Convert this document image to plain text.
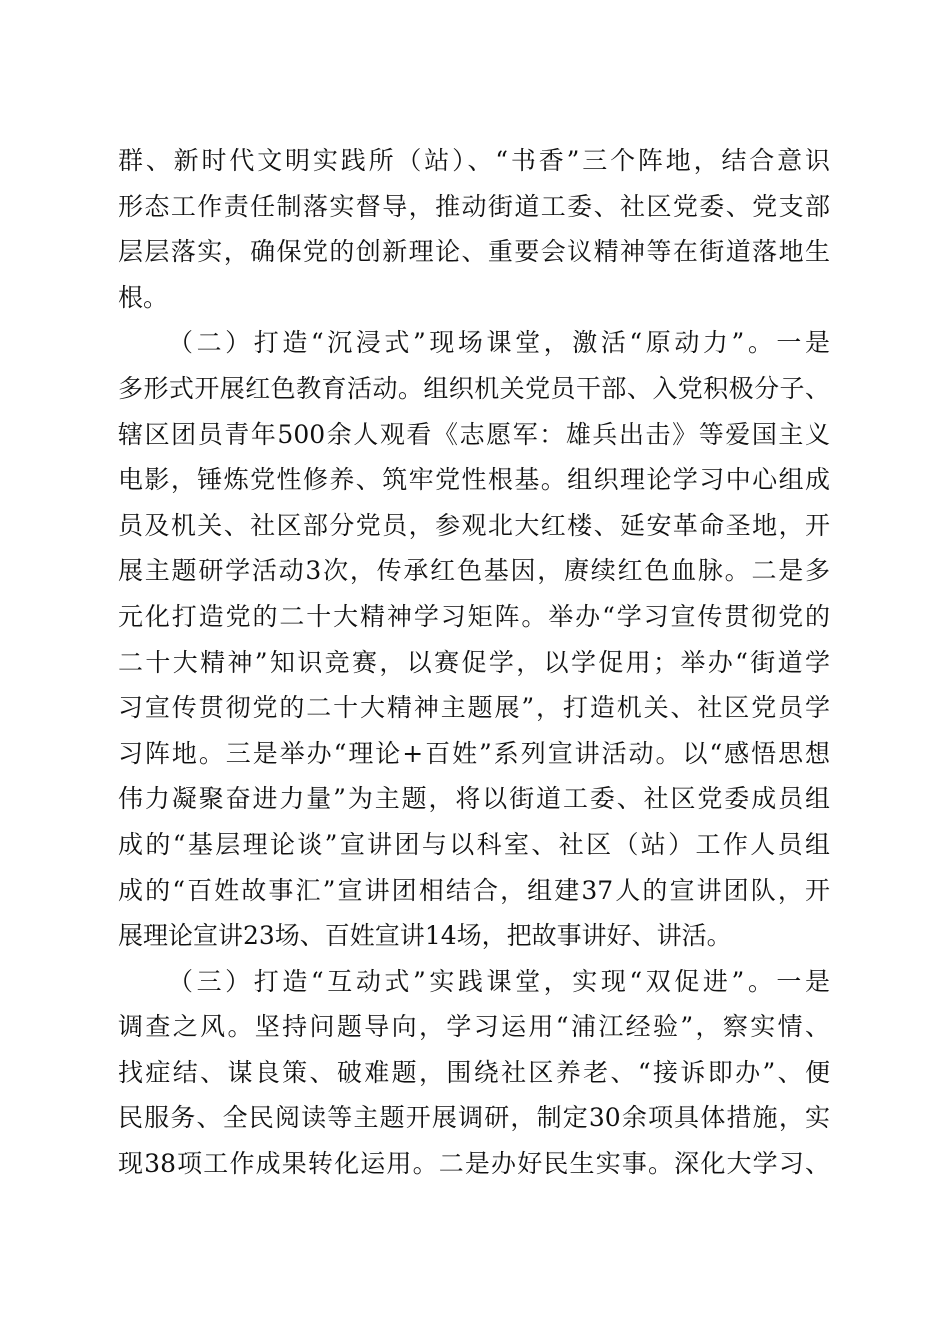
群、新时代文明实践所（站）、“书香”三个阵地，结合意识
形态工作责任制落实督导，推动街道工委、社区党委、党支部
层层落实，确保党的创新理论、重要会议精神等在街道落地生
根。
（二）打造“沉浸式”现场课堂，激活“原动力”。一是
多形式开展红色教育活动。组织机关党员干部、入党积极分子、
辖区团员青年500余人观看《志愿军：雄兵出击》等爱国主义
电影，锤炼党性修养、筑牢党性根基。组织理论学习中心组成
员及机关、社区部分党员，参观北大红楼、延安革命圣地，开
展主题研学活动3次，传承红色基因，赓续红色血脉。二是多
元化打造党的二十大精神学习矩阵。举办“学习宣传贯彻党的
二十大精神”知识竞赛，以赛促学，以学促用；举办“街道学
习宣传贯彻党的二十大精神主题展”，打造机关、社区党员学
习阵地。三是举办“理论+百姓”系列宣讲活动。以“感悟思想
伟力凝聚奋进力量”为主题，将以街道工委、社区党委成员组
成的“基层理论谈”宣讲团与以科室、社区（站）工作人员组
成的“百姓故事汇”宣讲团相结合，组建37人的宣讲团队，开
展理论宣讲23场、百姓宣讲14场，把故事讲好、讲活。
（三）打造“互动式”实践课堂，实现“双促进”。一是
调查之风。坚持问题导向，学习运用“浦江经验”，察实情、
找症结、谋良策、破难题，围绕社区养老、“接诉即办”、便
民服务、全民阅读等主题开展调研，制定30余项具体措施，实
现38项工作成果转化运用。二是办好民生实事。深化大学习、
